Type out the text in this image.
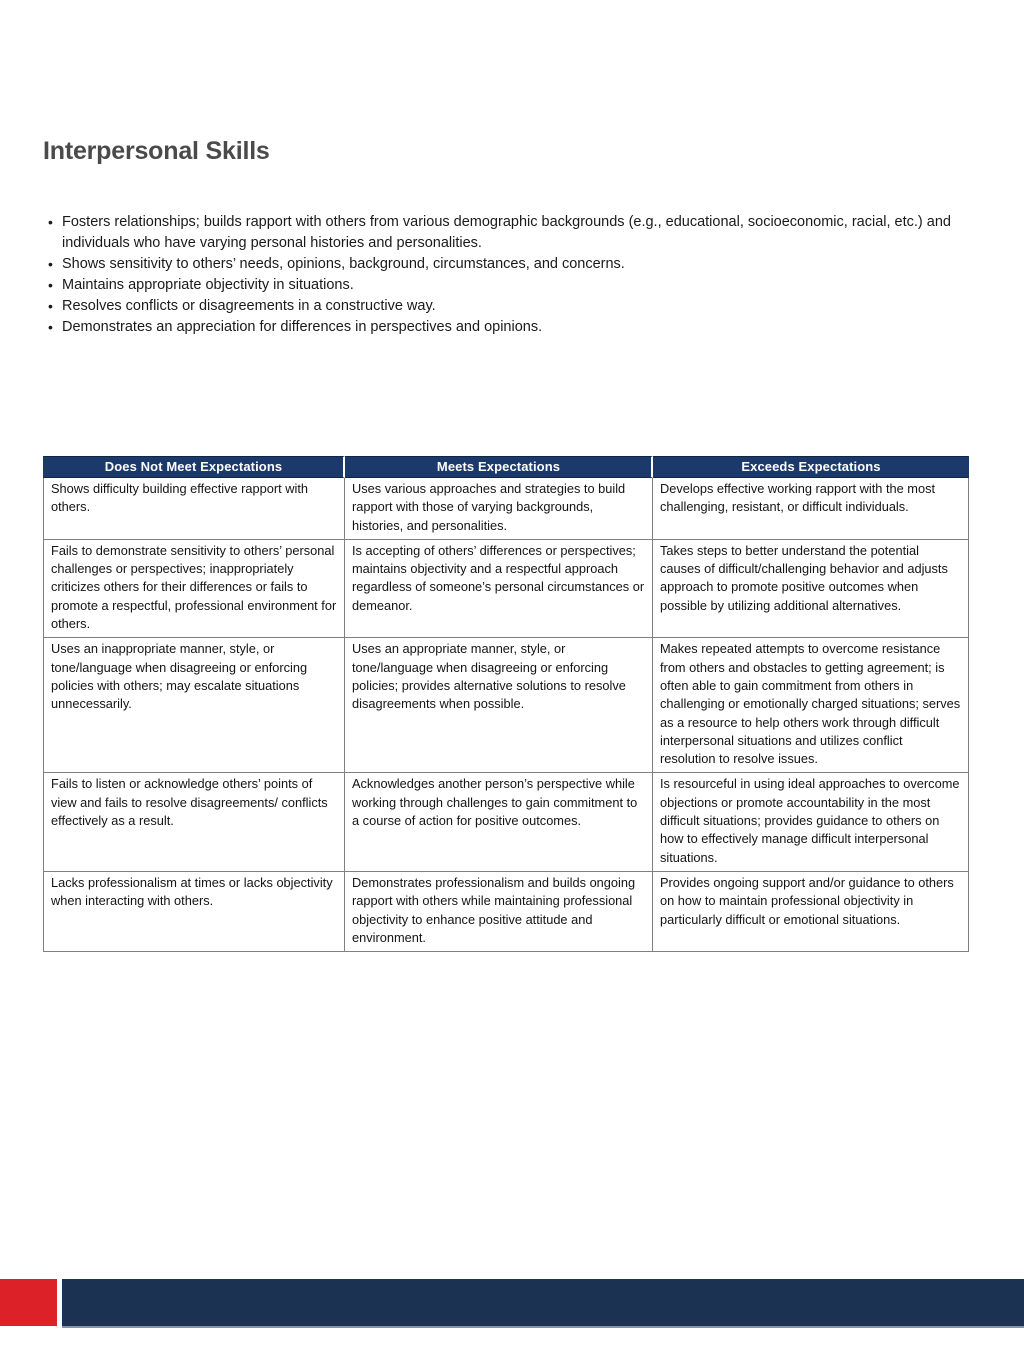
Interpersonal Skills
• Fosters relationships; builds rapport with others from various demographic backgrounds (e.g., educational, socioeconomic, racial, etc.) and individuals who have varying personal histories and personalities.
• Shows sensitivity to others’ needs, opinions, background, circumstances, and concerns.
• Maintains appropriate objectivity in situations.
• Resolves conflicts or disagreements in a constructive way.
• Demonstrates an appreciation for differences in perspectives and opinions.
Does Not Meet Expectations	Meets Expectations	Exceeds Expectations
Shows difficulty building effective rapport with others.	Uses various approaches and strategies to build rapport with those of varying backgrounds, histories, and personalities.	Develops effective working rapport with the most challenging, resistant, or difficult individuals.
Fails to demonstrate sensitivity to others’ personal challenges or perspectives; inappropriately criticizes others for their differences or fails to promote a respectful, professional environment for others.	Is accepting of others’ differences or perspectives; maintains objectivity and a respectful approach regardless of someone’s personal circumstances or demeanor.	Takes steps to better understand the potential causes of difficult/challenging behavior and adjusts approach to promote positive outcomes when possible by utilizing additional alternatives.
Uses an inappropriate manner, style, or tone/language when disagreeing or enforcing policies with others; may escalate situations unnecessarily.	Uses an appropriate manner, style, or tone/language when disagreeing or enforcing policies; provides alternative solutions to resolve disagreements when possible.	Makes repeated attempts to overcome resistance from others and obstacles to getting agreement; is often able to gain commitment from others in challenging or emotionally charged situations; serves as a resource to help others work through difficult interpersonal situations and utilizes conflict resolution to resolve issues.
Fails to listen or acknowledge others’ points of view and fails to resolve disagreements/ conflicts effectively as a result.	Acknowledges another person’s perspective while working through challenges to gain commitment to a course of action for positive outcomes.	Is resourceful in using ideal approaches to overcome objections or promote accountability in the most difficult situations; provides guidance to others on how to effectively manage difficult interpersonal situations.
Lacks professionalism at times or lacks objectivity when interacting with others.	Demonstrates professionalism and builds ongoing rapport with others while maintaining professional objectivity to enhance positive attitude and environment.	Provides ongoing support and/or guidance to others on how to maintain professional objectivity in particularly difficult or emotional situations.
